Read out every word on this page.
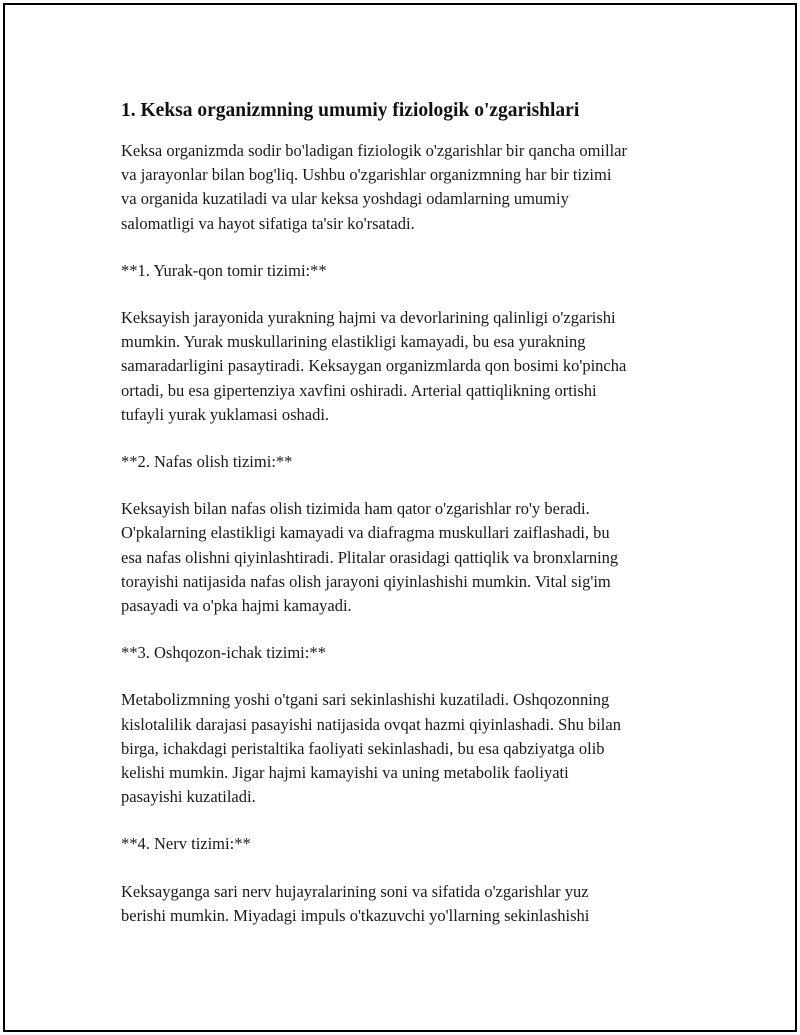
1. Keksa organizmning umumiy fiziologik o'zgarishlari

Keksa organizmda sodir bo'ladigan fiziologik o'zgarishlar bir qancha omillar
va jarayonlar bilan bog'liq. Ushbu o'zgarishlar organizmning har bir tizimi
va organida kuzatiladi va ular keksa yoshdagi odamlarning umumiy
salomatligi va hayot sifatiga ta'sir ko'rsatadi.

**1. Yurak-qon tomir tizimi:**

Keksayish jarayonida yurakning hajmi va devorlarining qalinligi o'zgarishi
mumkin. Yurak muskullarining elastikligi kamayadi, bu esa yurakning
samaradarligini pasaytiradi. Keksaygan organizmlarda qon bosimi ko'pincha
ortadi, bu esa gipertenziya xavfini oshiradi. Arterial qattiqlikning ortishi
tufayli yurak yuklamasi oshadi.

**2. Nafas olish tizimi:**

Keksayish bilan nafas olish tizimida ham qator o'zgarishlar ro'y beradi.
O'pkalarning elastikligi kamayadi va diafragma muskullari zaiflashadi, bu
esa nafas olishni qiyinlashtiradi. Plitalar orasidagi qattiqlik va bronxlarning
torayishi natijasida nafas olish jarayoni qiyinlashishi mumkin. Vital sig'im
pasayadi va o'pka hajmi kamayadi.

**3. Oshqozon-ichak tizimi:**

Metabolizmning yoshi o'tgani sari sekinlashishi kuzatiladi. Oshqozonning
kislotalilik darajasi pasayishi natijasida ovqat hazmi qiyinlashadi. Shu bilan
birga, ichakdagi peristaltika faoliyati sekinlashadi, bu esa qabziyatga olib
kelishi mumkin. Jigar hajmi kamayishi va uning metabolik faoliyati
pasayishi kuzatiladi.

**4. Nerv tizimi:**

Keksayganga sari nerv hujayralarining soni va sifatida o'zgarishlar yuz
berishi mumkin. Miyadagi impuls o'tkazuvchi yo'llarning sekinlashishi
